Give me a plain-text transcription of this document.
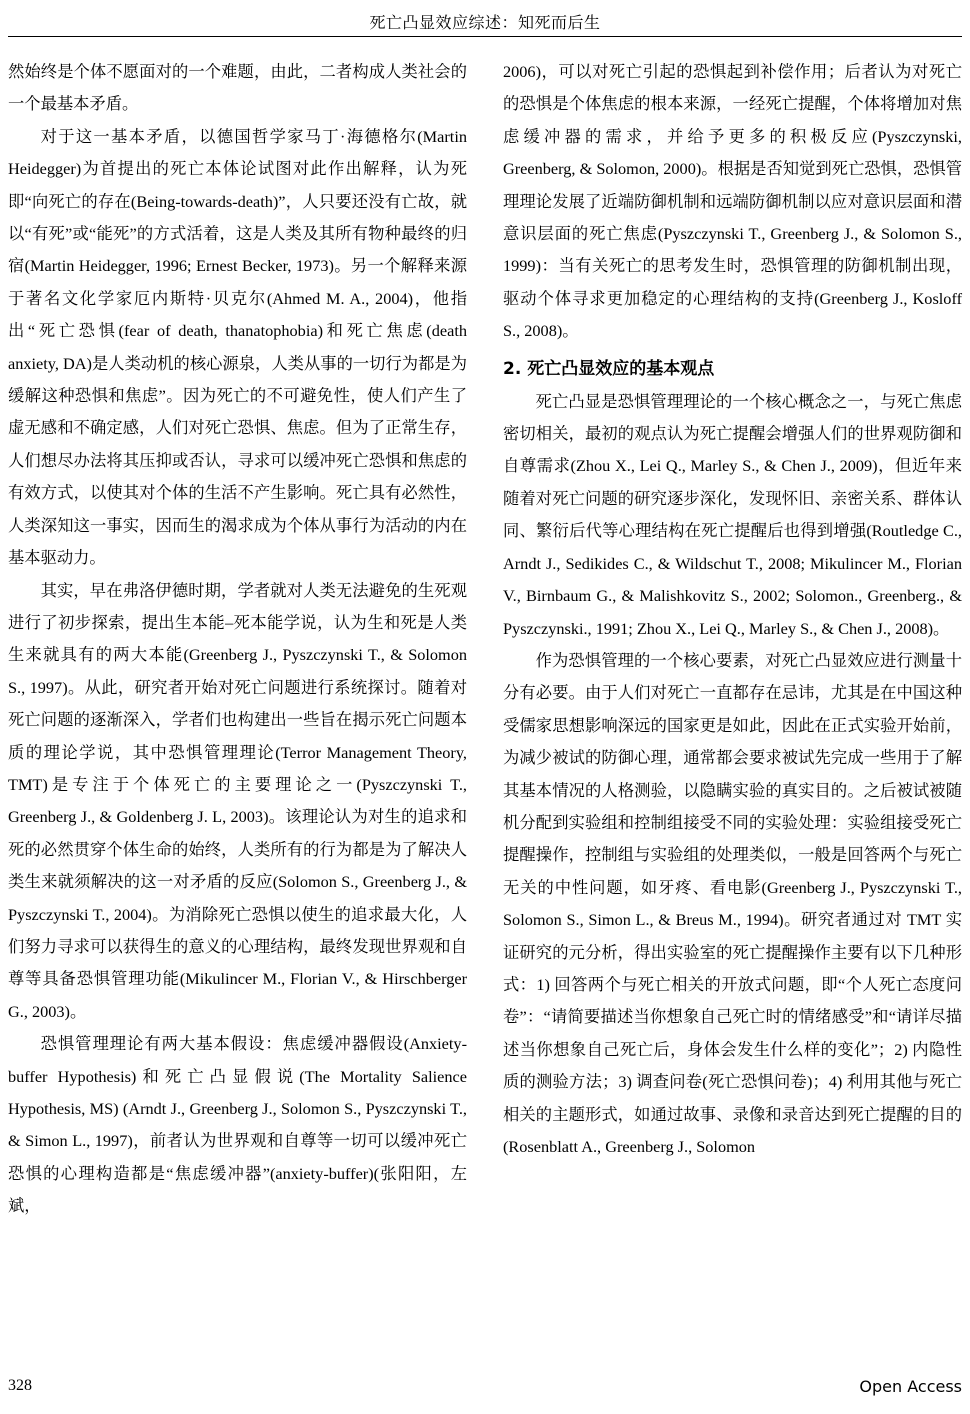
死亡凸显效应综述：知死而后生

然始终是个体不愿面对的一个难题，由此，二者构成人类社会的一个最基本矛盾。

对于这一基本矛盾，以德国哲学家马丁·海德格尔(Martin Heidegger)为首提出的死亡本体论试图对此作出解释，认为死即“向死亡的存在(Being-towards-death)”，人只要还没有亡故，就以“有死”或“能死”的方式活着，这是人类及其所有物种最终的归宿(Martin Heidegger, 1996; Ernest Becker, 1973)。另一个解释来源于著名文化学家厄内斯特·贝克尔(Ahmed M. A., 2004)，他指出“死亡恐惧(fear of death, thanatophobia)和死亡焦虑(death anxiety, DA)是人类动机的核心源泉，人类从事的一切行为都是为缓解这种恐惧和焦虑”。因为死亡的不可避免性，使人们产生了虚无感和不确定感，人们对死亡恐惧、焦虑。但为了正常生存，人们想尽办法将其压抑或否认，寻求可以缓冲死亡恐惧和焦虑的有效方式，以使其对个体的生活不产生影响。死亡具有必然性，人类深知这一事实，因而生的渴求成为个体从事行为活动的内在基本驱动力。

其实，早在弗洛伊德时期，学者就对人类无法避免的生死观进行了初步探索，提出生本能–死本能学说，认为生和死是人类生来就具有的两大本能(Greenberg J., Pyszczynski T., & Solomon S., 1997)。从此，研究者开始对死亡问题进行系统探讨。随着对死亡问题的逐渐深入，学者们也构建出一些旨在揭示死亡问题本质的理论学说，其中恐惧管理理论(Terror Management Theory, TMT)是专注于个体死亡的主要理论之一(Pyszczynski T., Greenberg J., & Goldenberg J. L, 2003)。该理论认为对生的追求和死的必然贯穿个体生命的始终，人类所有的行为都是为了解决人类生来就须解决的这一对矛盾的反应(Solomon S., Greenberg J., & Pyszczynski T., 2004)。为消除死亡恐惧以使生的追求最大化，人们努力寻求可以获得生的意义的心理结构，最终发现世界观和自尊等具备恐惧管理功能(Mikulincer M., Florian V., & Hirschberger G., 2003)。

恐惧管理理论有两大基本假设：焦虑缓冲器假设(Anxiety-buffer Hypothesis)和死亡凸显假说(The Mortality Salience Hypothesis, MS) (Arndt J., Greenberg J., Solomon S., Pyszczynski T., & Simon L., 1997)，前者认为世界观和自尊等一切可以缓冲死亡恐惧的心理构造都是“焦虑缓冲器”(anxiety-buffer)(张阳阳，左斌，

2006)，可以对死亡引起的恐惧起到补偿作用；后者认为对死亡的恐惧是个体焦虑的根本来源，一经死亡提醒，个体将增加对焦虑缓冲器的需求，并给予更多的积极反应(Pyszczynski, Greenberg, & Solomon, 2000)。根据是否知觉到死亡恐惧，恐惧管理理论发展了近端防御机制和远端防御机制以应对意识层面和潜意识层面的死亡焦虑(Pyszczynski T., Greenberg J., & Solomon S., 1999)：当有关死亡的思考发生时，恐惧管理的防御机制出现，驱动个体寻求更加稳定的心理结构的支持(Greenberg J., Kosloff S., 2008)。

2. 死亡凸显效应的基本观点

死亡凸显是恐惧管理理论的一个核心概念之一，与死亡焦虑密切相关，最初的观点认为死亡提醒会增强人们的世界观防御和自尊需求(Zhou X., Lei Q., Marley S., & Chen J., 2009)，但近年来随着对死亡问题的研究逐步深化，发现怀旧、亲密关系、群体认同、繁衍后代等心理结构在死亡提醒后也得到增强(Routledge C., Arndt J., Sedikides C., & Wildschut T., 2008; Mikulincer M., Florian V., Birnbaum G., & Malishkovitz S., 2002; Solomon., Greenberg., & Pyszczynski., 1991; Zhou X., Lei Q., Marley S., & Chen J., 2008)。

作为恐惧管理的一个核心要素，对死亡凸显效应进行测量十分有必要。由于人们对死亡一直都存在忌讳，尤其是在中国这种受儒家思想影响深远的国家更是如此，因此在正式实验开始前，为减少被试的防御心理，通常都会要求被试先完成一些用于了解其基本情况的人格测验，以隐瞒实验的真实目的。之后被试被随机分配到实验组和控制组接受不同的实验处理：实验组接受死亡提醒操作，控制组与实验组的处理类似，一般是回答两个与死亡无关的中性问题，如牙疼、看电影(Greenberg J., Pyszczynski T., Solomon S., Simon L., & Breus M., 1994)。研究者通过对 TMT 实证研究的元分析，得出实验室的死亡提醒操作主要有以下几种形式：1) 回答两个与死亡相关的开放式问题，即“个人死亡态度问卷”：“请简要描述当你想象自己死亡时的情绪感受”和“请详尽描述当你想象自己死亡后，身体会发生什么样的变化”；2) 内隐性质的测验方法；3) 调查问卷(死亡恐惧问卷)；4) 利用其他与死亡相关的主题形式，如通过故事、录像和录音达到死亡提醒的目的(Rosenblatt A., Greenberg J., Solomon

328	Open Access
